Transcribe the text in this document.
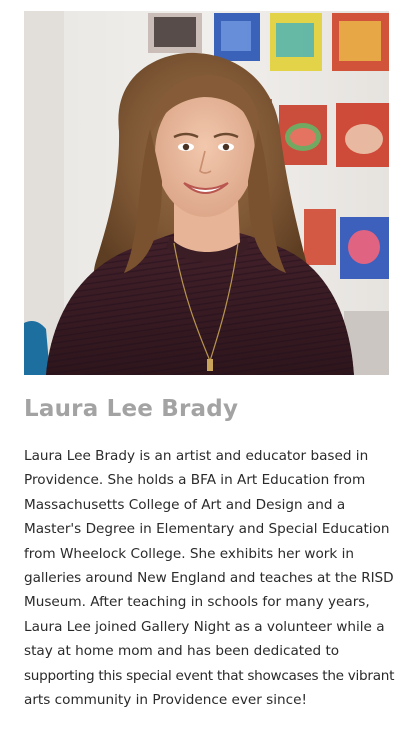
Laura Lee Brady

Laura Lee Brady is an artist and educator based in
Providence. She holds a BFA in Art Education from
Massachusetts College of Art and Design and a
Master's Degree in Elementary and Special Education
from Wheelock College. She exhibits her work in
galleries around New England and teaches at the RISD
Museum. After teaching in schools for many years,
Laura Lee joined Gallery Night as a volunteer while a
stay at home mom and has been dedicated to
supporting this special event that showcases the vibrant
arts community in Providence ever since!
